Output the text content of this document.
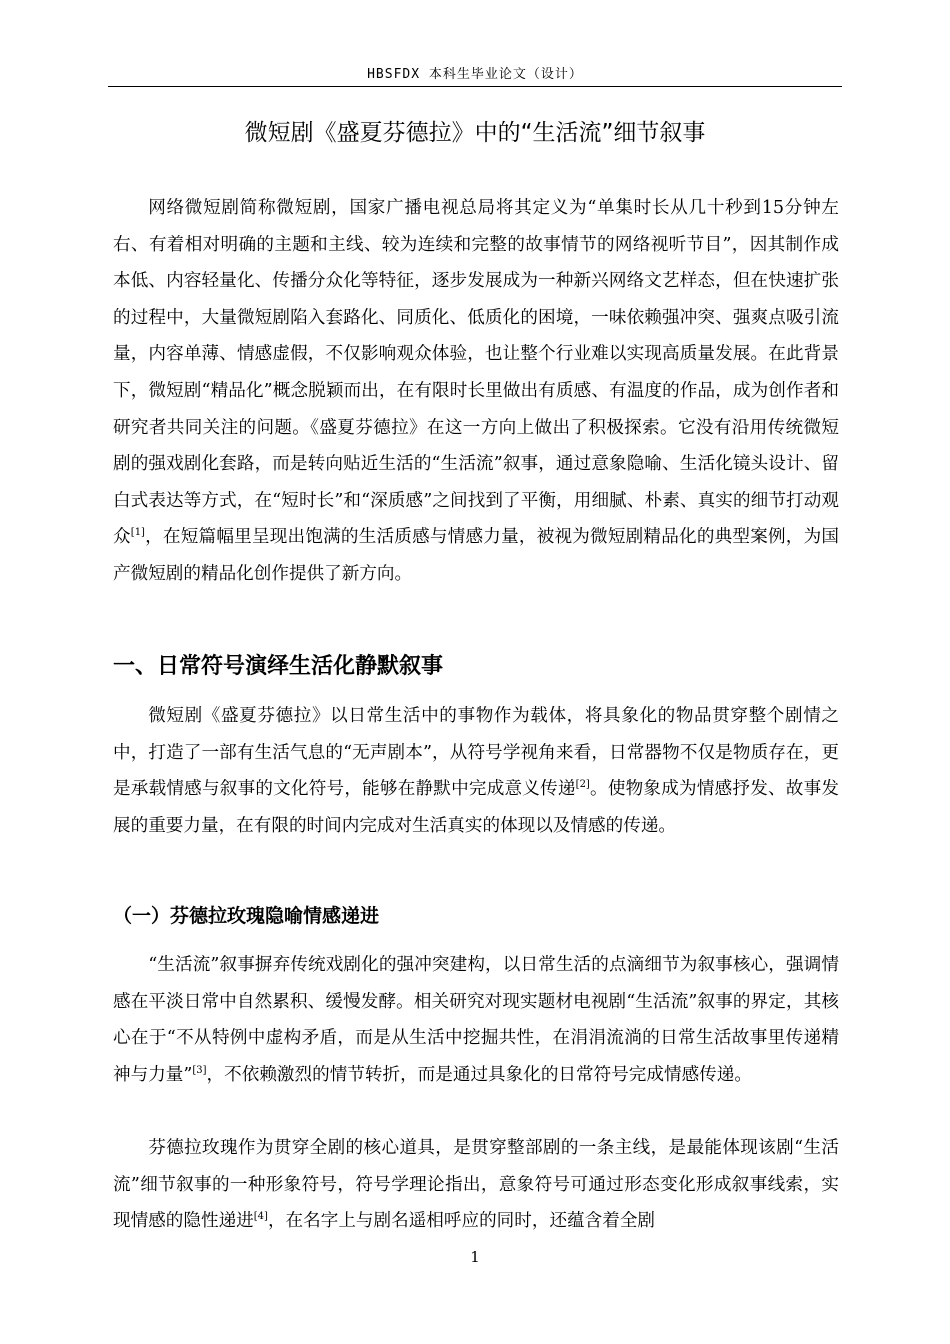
HBSFDX 本科生毕业论文（设计）
微短剧《盛夏芬德拉》中的“生活流”细节叙事

网络微短剧简称微短剧，国家广播电视总局将其定义为“单集时长从几十秒到15分钟左右、有着相对明确的主题和主线、较为连续和完整的故事情节的网络视听节目”，因其制作成本低、内容轻量化、传播分众化等特征，逐步发展成为一种新兴网络文艺样态，但在快速扩张的过程中，大量微短剧陷入套路化、同质化、低质化的困境，一味依赖强冲突、强爽点吸引流量，内容单薄、情感虚假，不仅影响观众体验，也让整个行业难以实现高质量发展。在此背景下，微短剧“精品化”概念脱颖而出，在有限时长里做出有质感、有温度的作品，成为创作者和研究者共同关注的问题。《盛夏芬德拉》在这一方向上做出了积极探索。它没有沿用传统微短剧的强戏剧化套路，而是转向贴近生活的“生活流”叙事，通过意象隐喻、生活化镜头设计、留白式表达等方式，在“短时长”和“深质感”之间找到了平衡，用细腻、朴素、真实的细节打动观众[1]，在短篇幅里呈现出饱满的生活质感与情感力量，被视为微短剧精品化的典型案例，为国产微短剧的精品化创作提供了新方向。

一、日常符号演绎生活化静默叙事

微短剧《盛夏芬德拉》以日常生活中的事物作为载体，将具象化的物品贯穿整个剧情之中，打造了一部有生活气息的“无声剧本”，从符号学视角来看，日常器物不仅是物质存在，更是承载情感与叙事的文化符号，能够在静默中完成意义传递[2]。使物象成为情感抒发、故事发展的重要力量，在有限的时间内完成对生活真实的体现以及情感的传递。

（一）芬德拉玫瑰隐喻情感递进

“生活流”叙事摒弃传统戏剧化的强冲突建构，以日常生活的点滴细节为叙事核心，强调情感在平淡日常中自然累积、缓慢发酵。相关研究对现实题材电视剧“生活流”叙事的界定，其核心在于“不从特例中虚构矛盾，而是从生活中挖掘共性，在涓涓流淌的日常生活故事里传递精神与力量”[3]，不依赖激烈的情节转折，而是通过具象化的日常符号完成情感传递。

芬德拉玫瑰作为贯穿全剧的核心道具，是贯穿整部剧的一条主线，是最能体现该剧“生活流”细节叙事的一种形象符号，符号学理论指出，意象符号可通过形态变化形成叙事线索，实现情感的隐性递进[4]，在名字上与剧名遥相呼应的同时，还蕴含着全剧

1
